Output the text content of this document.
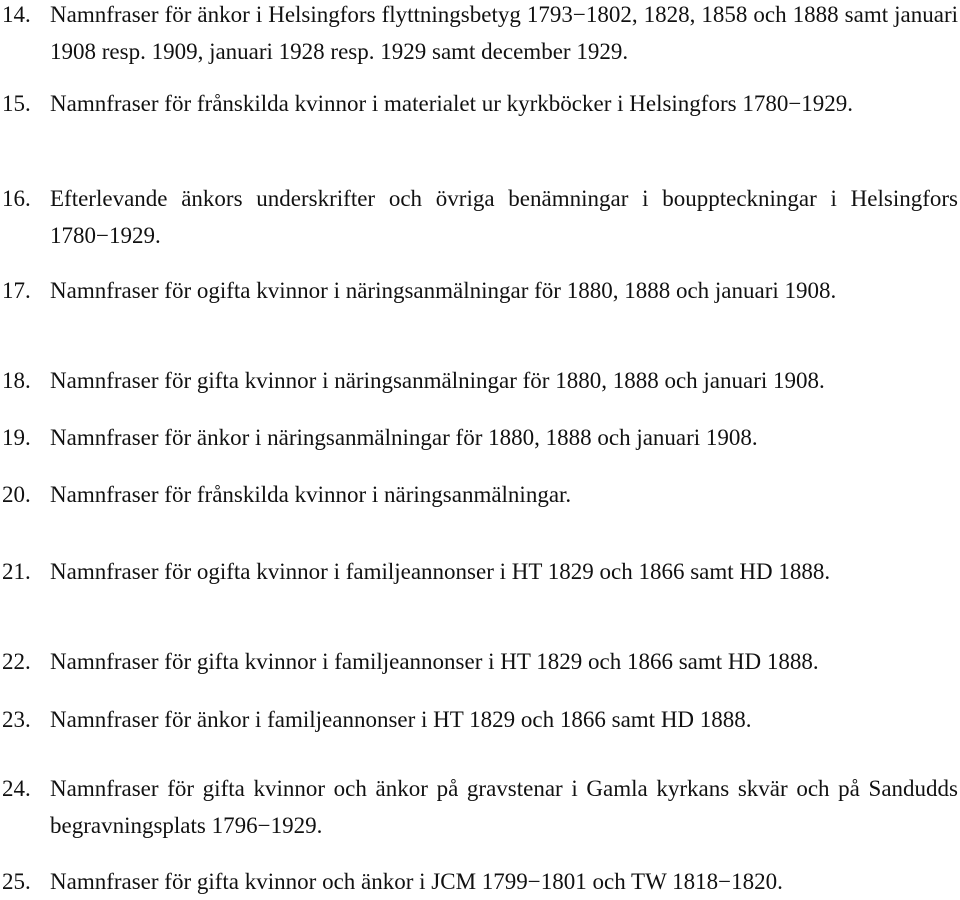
14. Namnfraser för änkor i Helsingfors flyttningsbetyg 1793−1802, 1828, 1858 och 1888 samt januari 1908 resp. 1909, januari 1928 resp. 1929 samt december 1929.
15. Namnfraser för frånskilda kvinnor i materialet ur kyrkböcker i Helsingfors 1780−1929.
16. Efterlevande änkors underskrifter och övriga benämningar i bouppteckningar i Helsingfors 1780−1929.
17. Namnfraser för ogifta kvinnor i näringsanmälningar för 1880, 1888 och januari 1908.
18. Namnfraser för gifta kvinnor i näringsanmälningar för 1880, 1888 och januari 1908.
19. Namnfraser för änkor i näringsanmälningar för 1880, 1888 och januari 1908.
20. Namnfraser för frånskilda kvinnor i näringsanmälningar.
21. Namnfraser för ogifta kvinnor i familjeannonser i HT 1829 och 1866 samt HD 1888.
22. Namnfraser för gifta kvinnor i familjeannonser i HT 1829 och 1866 samt HD 1888.
23. Namnfraser för änkor i familjeannonser i HT 1829 och 1866 samt HD 1888.
24. Namnfraser för gifta kvinnor och änkor på gravstenar i Gamla kyrkans skvär och på Sandudds begravningsplats 1796−1929.
25. Namnfraser för gifta kvinnor och änkor i JCM 1799−1801 och TW 1818−1820.
